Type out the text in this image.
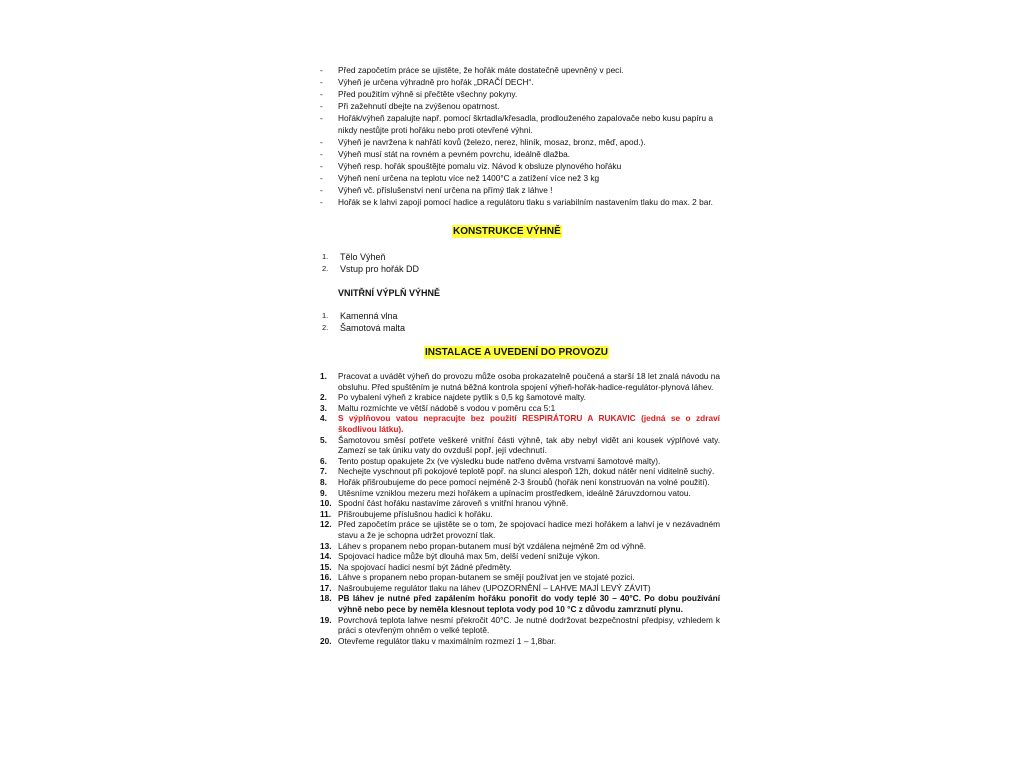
- Před započetím práce se ujistěte, že hořák máte dostatečně upevněný v peci.
- Výheň je určena výhradně pro hořák „DRAČÍ DECH“.
- Před použitím výhně si přečtěte všechny pokyny.
- Při zažehnutí dbejte na zvýšenou opatrnost.
- Hořák/výheň zapalujte např. pomocí škrtadla/křesadla, prodlouženého zapalovače nebo kusu papíru a nikdy nestůjte proti hořáku nebo proti otevřené výhni.
- Výheň je navržena k nahřátí kovů (železo, nerez, hliník, mosaz, bronz, měď, apod.).
- Výheň musí stát na rovném a pevném povrchu, ideálně dlažba.
- Výheň resp. hořák spouštějte pomalu viz. Návod k obsluze plynového hořáku
- Výheň není určena na teplotu více než 1400°C a zatížení více než 3 kg
- Výheň vč. příslušenství není určena na přímý tlak z láhve !
- Hořák se k lahvi zapojí pomocí hadice a regulátoru tlaku s variabilním nastavením tlaku do max. 2 bar.
KONSTRUKCE VÝHNĚ
1. Tělo Výheň
2. Vstup pro hořák DD
VNITŘNÍ VÝPLŇ VÝHNĚ
1. Kamenná vlna
2. Šamotová malta
INSTALACE A UVEDENÍ DO PROVOZU
1. Pracovat a uvádět výheň do provozu může osoba prokazatelně poučená a starší 18 let znalá návodu na obsluhu. Před spuštěním je nutná běžná kontrola spojení výheň-hořák-hadice-regulátor-plynová láhev.
2. Po vybalení výheň z krabice najdete pytlík s 0,5 kg šamotové malty.
3. Maltu rozmíchte ve větší nádobě s vodou v poměru cca 5:1
4. S výplňovou vatou nepracujte bez použití RESPIRÁTORU A RUKAVIC (jedná se o zdraví škodlivou látku).
5. Šamotovou směsí potřete veškeré vnitřní části výhně, tak aby nebyl vidět ani kousek výplňové vaty. Zamezí se tak úniku vaty do ovzduší popř. její vdechnutí.
6. Tento postup opakujete 2x (ve výsledku bude natřeno dvěma vrstvami šamotové malty).
7. Nechejte vyschnout při pokojové teplotě popř. na slunci alespoň 12h, dokud nátěr není viditelně suchý.
8. Hořák přišroubujeme do pece pomocí nejméně 2-3 šroubů (hořák není konstruován na volné použití).
9. Utěsníme vzniklou mezeru mezi hořákem a upínacím prostředkem, ideálně žáruvzdornou vatou.
10. Spodní část hořáku nastavíme zároveň s vnitřní hranou výhně.
11. Přišroubujeme příslušnou hadici k hořáku.
12. Před započetím práce se ujistěte se o tom, že spojovací hadice mezi hořákem a lahví je v nezávadném stavu a že je schopna udržet provozní tlak.
13. Láhev s propanem nebo propan-butanem musí být vzdálena nejméně 2m od výhně.
14. Spojovací hadice může být dlouhá max 5m, delší vedení snižuje výkon.
15. Na spojovací hadici nesmí být žádné předměty.
16. Láhve s propanem nebo propan-butanem se smějí používat jen ve stojaté pozici.
17. Našroubujeme regulátor tlaku na láhev (UPOZORNĚNÍ – LAHVE MAJÍ LEVÝ ZÁVIT)
18. PB láhev je nutné před zapálením hořáku ponořit do vody teplé 30 – 40°C. Po dobu používání výhně nebo pece by neměla klesnout teplota vody pod 10 °C z důvodu zamrznutí plynu.
19. Povrchová teplota lahve nesmí překročit 40°C. Je nutné dodržovat bezpečnostní předpisy, vzhledem k práci s otevřeným ohněm o velké teplotě.
20. Otevřeme regulátor tlaku v maximálním rozmezí 1 – 1,8bar.
